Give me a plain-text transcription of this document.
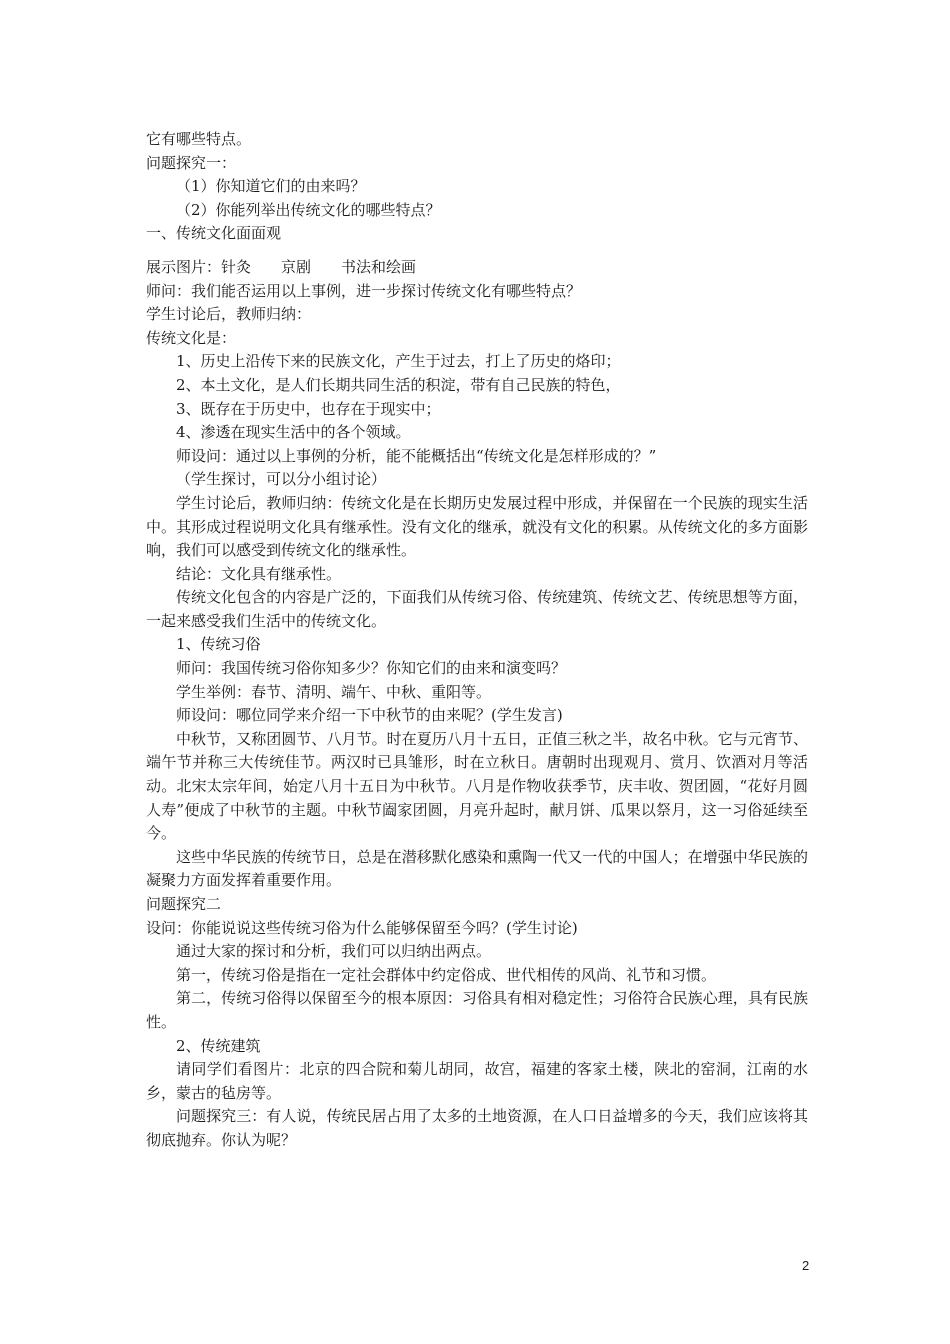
它有哪些特点。
问题探究一：
（1）你知道它们的由来吗？
（2）你能列举出传统文化的哪些特点？
一、传统文化面面观
展示图片：针灸 京剧 书法和绘画
师问：我们能否运用以上事例，进一步探讨传统文化有哪些特点？
学生讨论后，教师归纳：
传统文化是：
1、历史上沿传下来的民族文化，产生于过去，打上了历史的烙印；
2、本土文化，是人们长期共同生活的积淀，带有自己民族的特色，
3、既存在于历史中，也存在于现实中；
4、渗透在现实生活中的各个领域。
师设问：通过以上事例的分析，能不能概括出“传统文化是怎样形成的？”
（学生探讨，可以分小组讨论）
学生讨论后，教师归纳：传统文化是在长期历史发展过程中形成，并保留在一个民族的现实生活中。其形成过程说明文化具有继承性。没有文化的继承，就没有文化的积累。从传统文化的多方面影响，我们可以感受到传统文化的继承性。
结论：文化具有继承性。
传统文化包含的内容是广泛的，下面我们从传统习俗、传统建筑、传统文艺、传统思想等方面，一起来感受我们生活中的传统文化。
1、传统习俗
师问：我国传统习俗你知多少？你知它们的由来和演变吗？
学生举例：春节、清明、端午、中秋、重阳等。
师设问：哪位同学来介绍一下中秋节的由来呢？(学生发言)
中秋节，又称团圆节、八月节。时在夏历八月十五日，正值三秋之半，故名中秋。它与元宵节、端午节并称三大传统佳节。两汉时已具雏形，时在立秋日。唐朝时出现观月、赏月、饮酒对月等活动。北宋太宗年间，始定八月十五日为中秋节。八月是作物收获季节，庆丰收、贺团圆，“花好月圆人寿”便成了中秋节的主题。中秋节阖家团圆，月亮升起时，献月饼、瓜果以祭月，这一习俗延续至今。
这些中华民族的传统节日，总是在潜移默化感染和熏陶一代又一代的中国人；在增强中华民族的凝聚力方面发挥着重要作用。
问题探究二
设问：你能说说这些传统习俗为什么能够保留至今吗？(学生讨论)
通过大家的探讨和分析，我们可以归纳出两点。
第一，传统习俗是指在一定社会群体中约定俗成、世代相传的风尚、礼节和习惯。
第二，传统习俗得以保留至今的根本原因：习俗具有相对稳定性；习俗符合民族心理，具有民族性。
2、传统建筑
请同学们看图片：北京的四合院和菊儿胡同，故宫，福建的客家土楼，陕北的窑洞，江南的水乡，蒙古的毡房等。
问题探究三：有人说，传统民居占用了太多的土地资源，在人口日益增多的今天，我们应该将其彻底抛弃。你认为呢？
2
